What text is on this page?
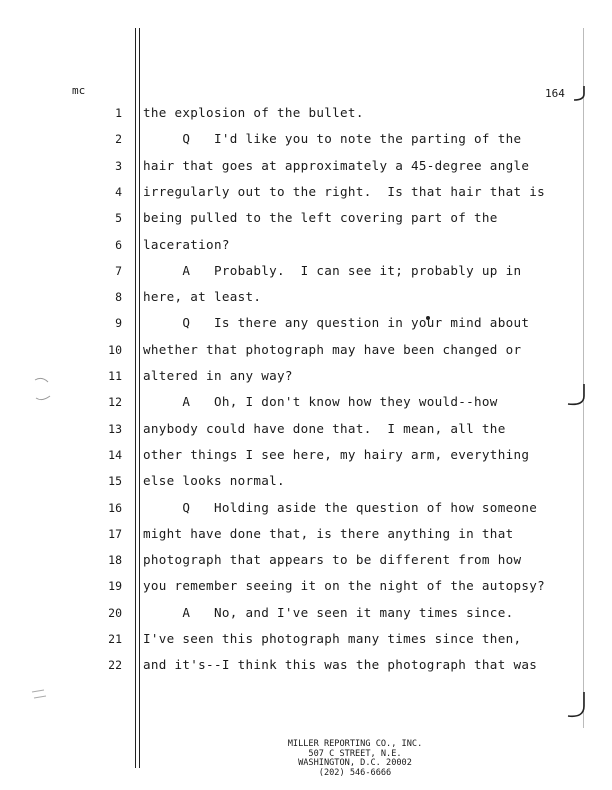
mc	164
1 the explosion of the bullet.
2 Q   I'd like you to note the parting of the
3 hair that goes at approximately a 45-degree angle
4 irregularly out to the right.  Is that hair that is
5 being pulled to the left covering part of the
6 laceration?
7 A   Probably.  I can see it; probably up in
8 here, at least.
9 Q   Is there any question in your mind about
10 whether that photograph may have been changed or
11 altered in any way?
12 A   Oh, I don't know how they would--how
13 anybody could have done that.  I mean, all the
14 other things I see here, my hairy arm, everything
15 else looks normal.
16 Q   Holding aside the question of how someone
17 might have done that, is there anything in that
18 photograph that appears to be different from how
19 you remember seeing it on the night of the autopsy?
20 A   No, and I've seen it many times since.
21 I've seen this photograph many times since then,
22 and it's--I think this was the photograph that was
MILLER REPORTING CO., INC.
507 C STREET, N.E.
WASHINGTON, D.C. 20002
(202) 546-6666
